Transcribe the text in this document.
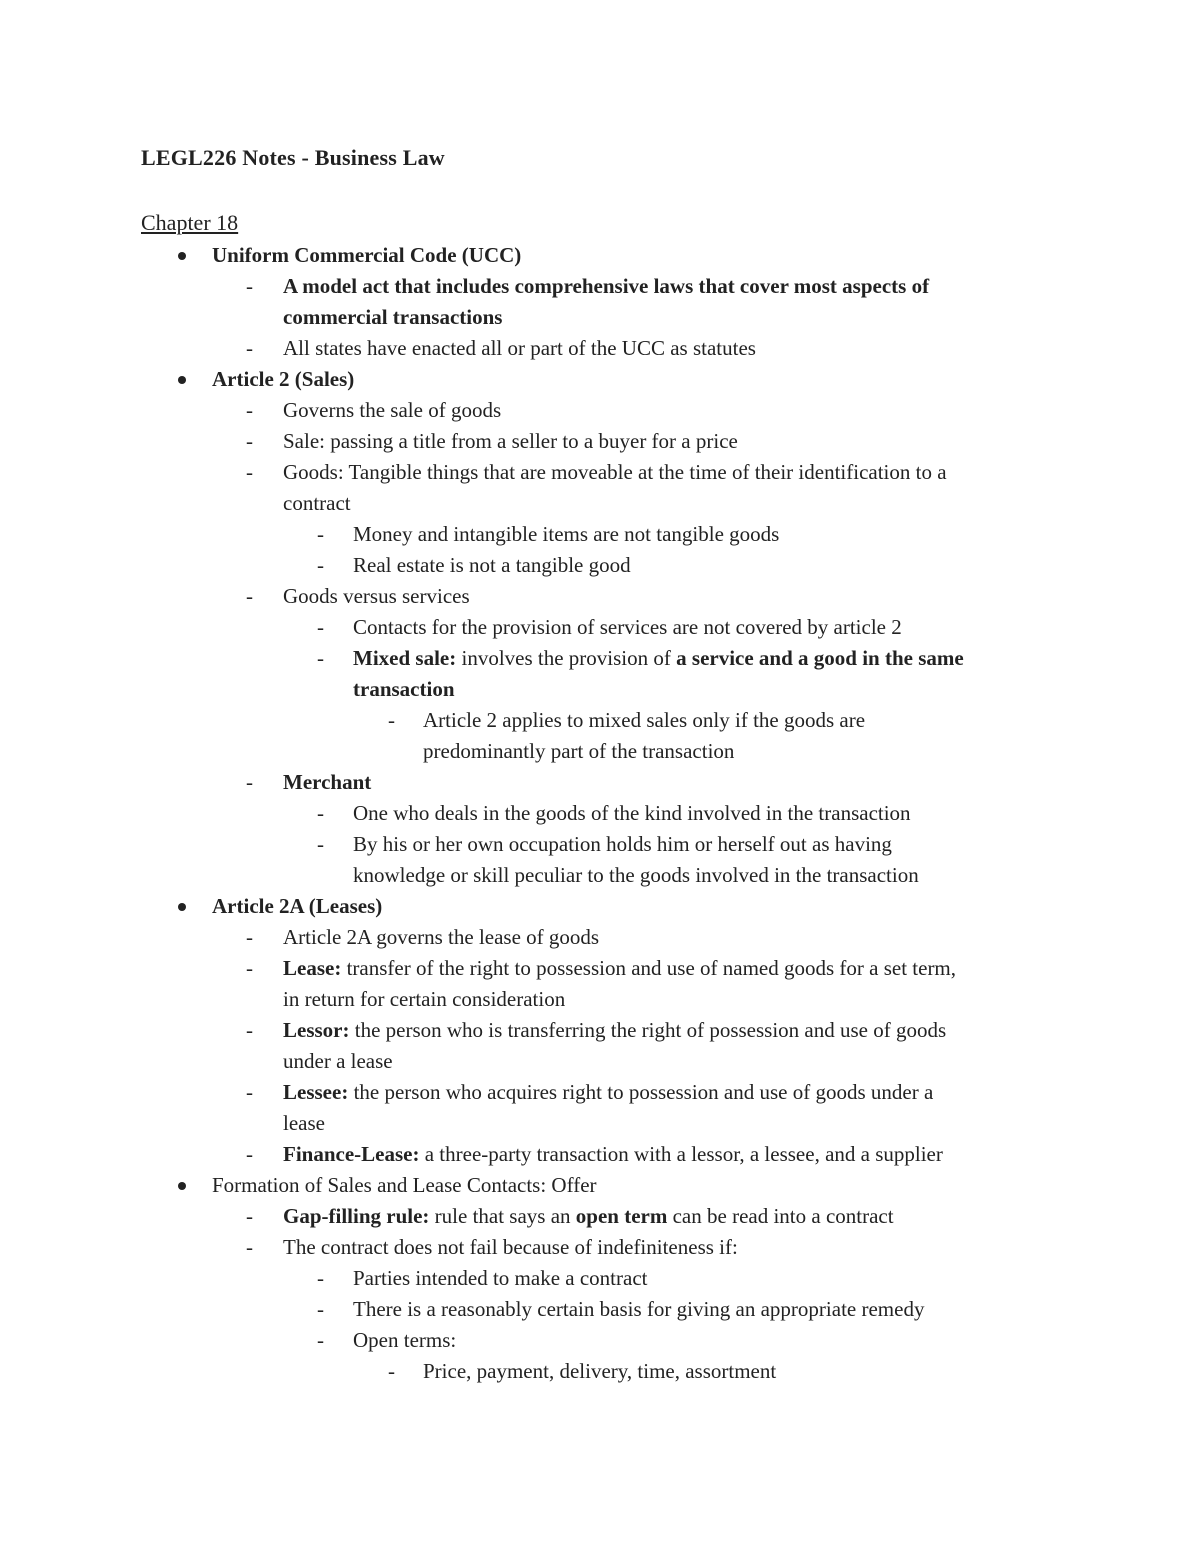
LEGL226 Notes - Business Law
Chapter 18
Uniform Commercial Code (UCC)
- A model act that includes comprehensive laws that cover most aspects of
commercial transactions
- All states have enacted all or part of the UCC as statutes
Article 2 (Sales)
- Governs the sale of goods
- Sale: passing a title from a seller to a buyer for a price
- Goods: Tangible things that are moveable at the time of their identification to a
contract
- Money and intangible items are not tangible goods
- Real estate is not a tangible good
- Goods versus services
- Contacts for the provision of services are not covered by article 2
- Mixed sale: involves the provision of a service and a good in the same
transaction
- Article 2 applies to mixed sales only if the goods are
predominantly part of the transaction
- Merchant
- One who deals in the goods of the kind involved in the transaction
- By his or her own occupation holds him or herself out as having
knowledge or skill peculiar to the goods involved in the transaction
Article 2A (Leases)
- Article 2A governs the lease of goods
- Lease: transfer of the right to possession and use of named goods for a set term,
in return for certain consideration
- Lessor: the person who is transferring the right of possession and use of goods
under a lease
- Lessee: the person who acquires right to possession and use of goods under a
lease
- Finance-Lease: a three-party transaction with a lessor, a lessee, and a supplier
Formation of Sales and Lease Contacts: Offer
- Gap-filling rule: rule that says an open term can be read into a contract
- The contract does not fail because of indefiniteness if:
- Parties intended to make a contract
- There is a reasonably certain basis for giving an appropriate remedy
- Open terms:
- Price, payment, delivery, time, assortment
